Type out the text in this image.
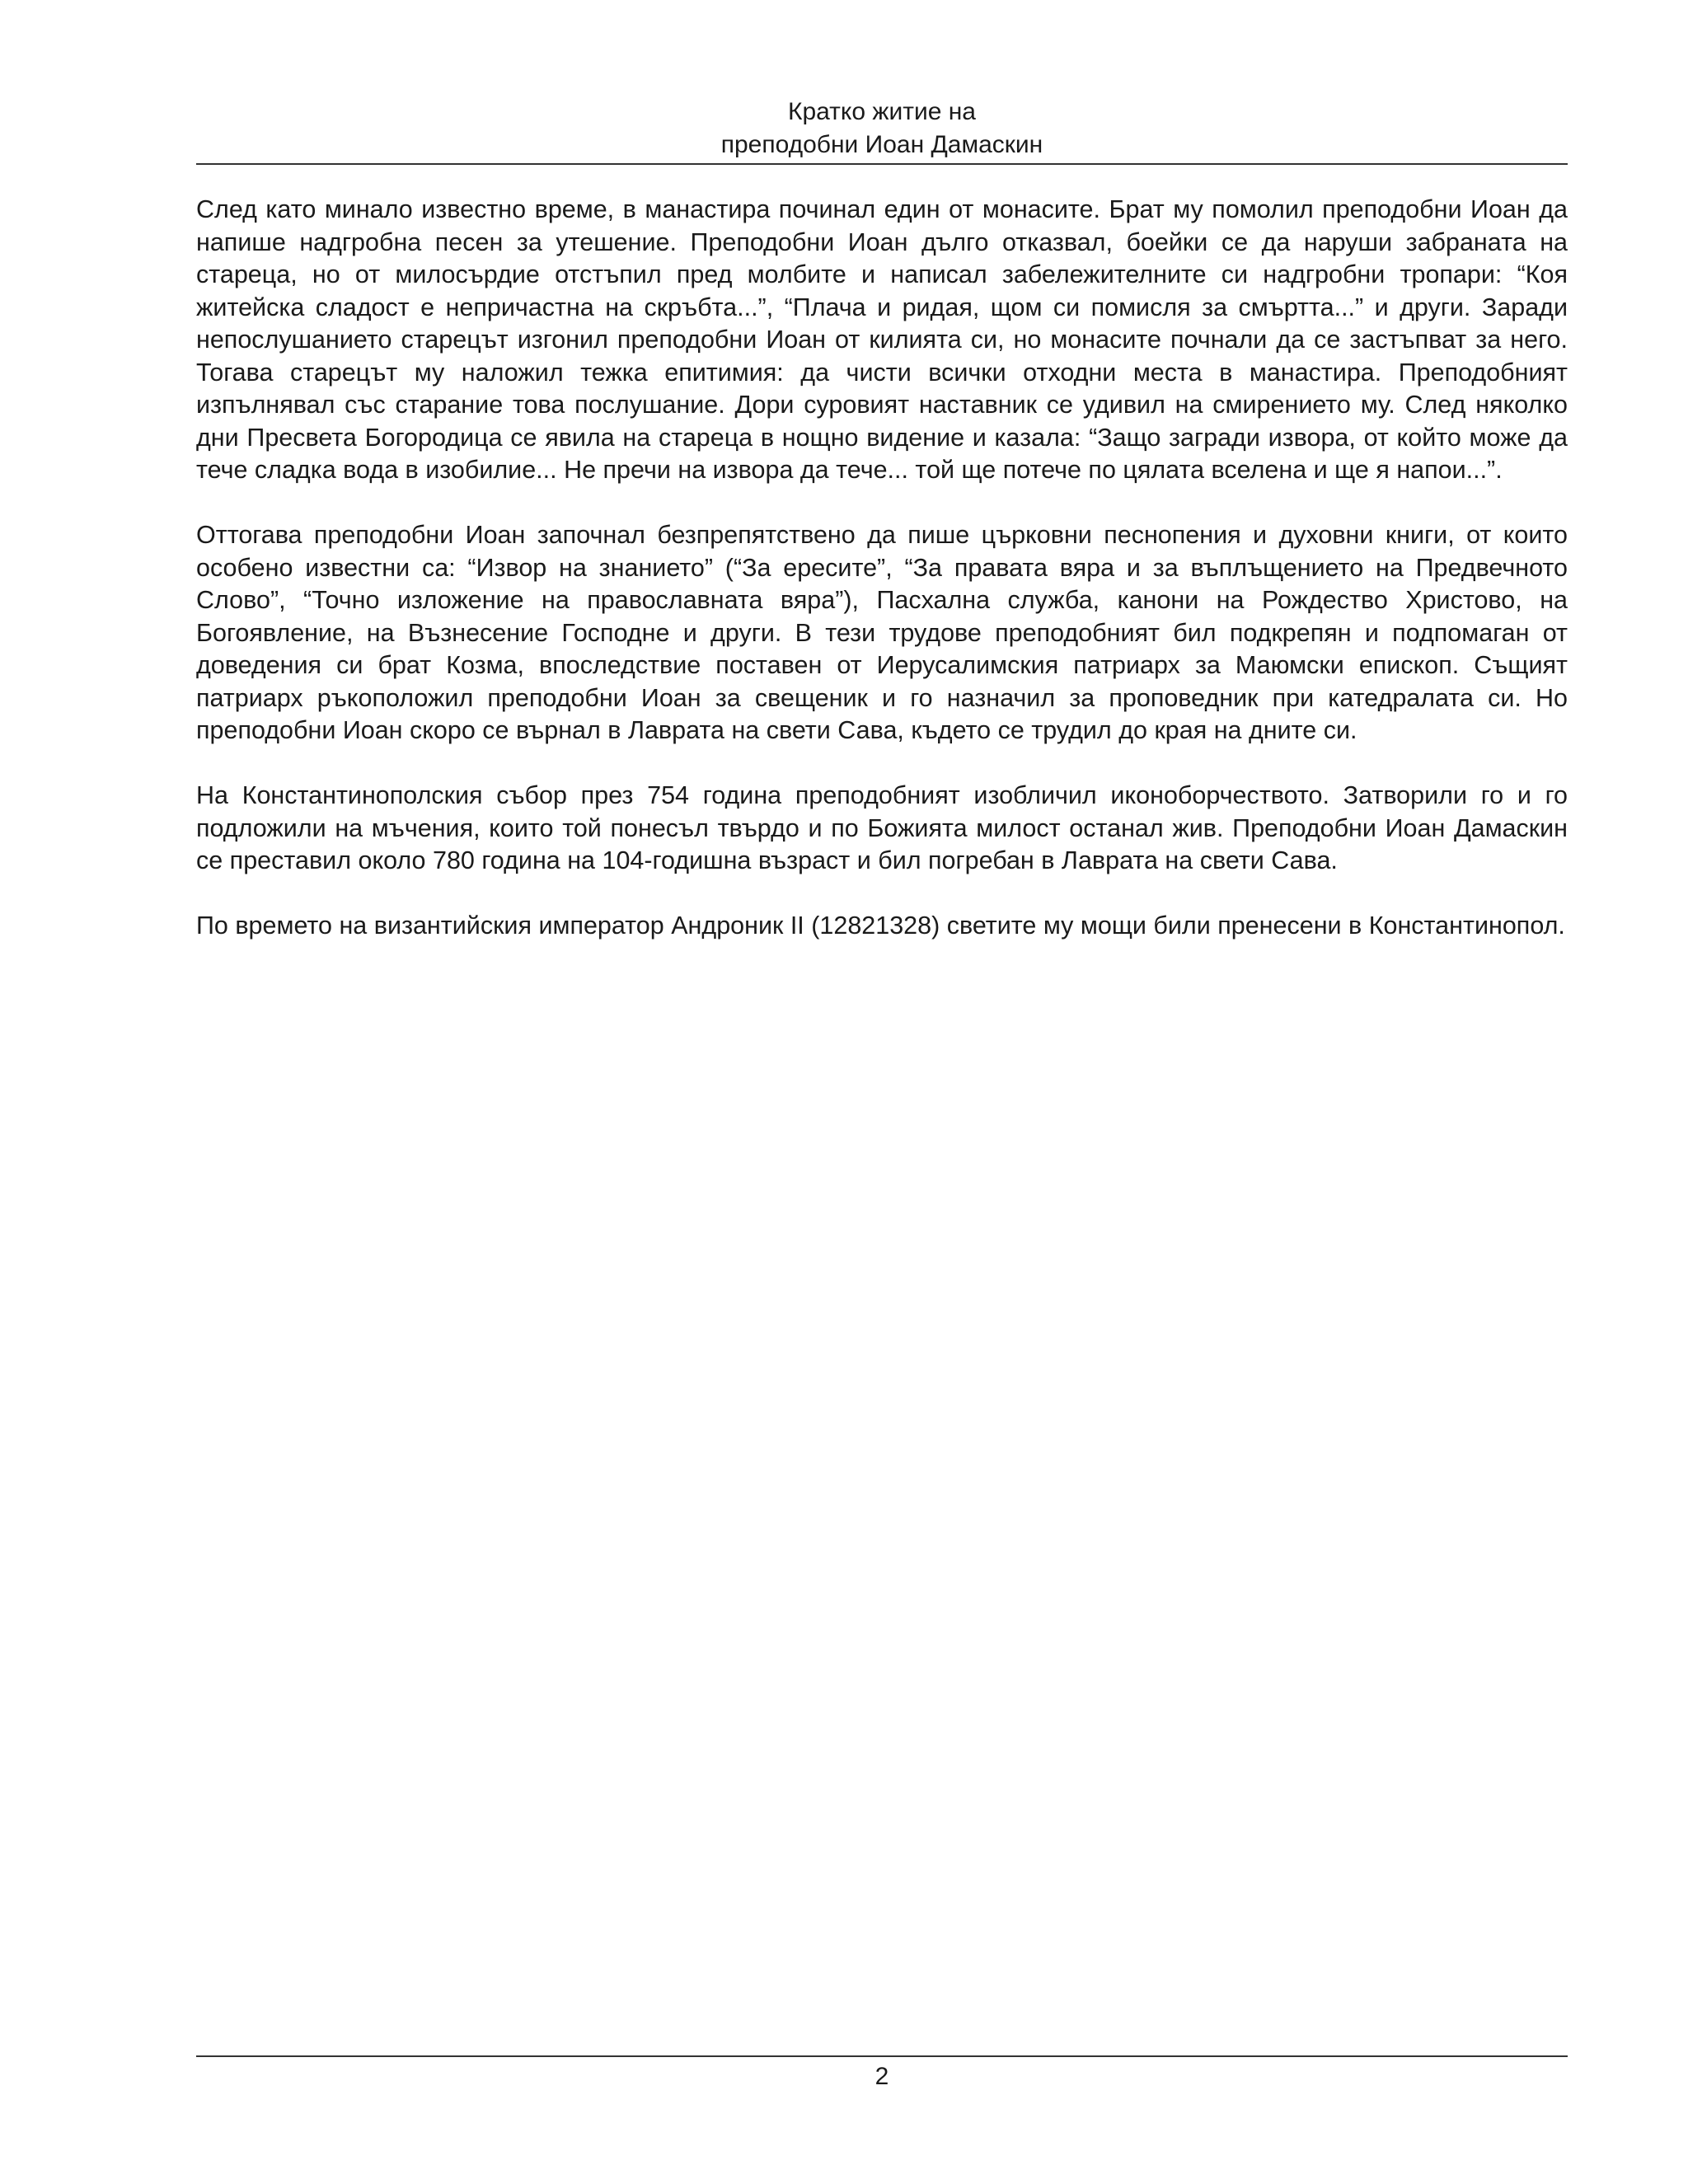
Кратко житие на
преподобни Иоан Дамаскин

След като минало известно време, в манастира починал един от монасите. Брат му помолил преподобни Иоан да напише надгробна песен за утешение. Преподобни Иоан дълго отказвал, боейки се да наруши забраната на стареца, но от милосърдие отстъпил пред молбите и написал забележителните си надгробни тропари: “Коя житейска сладост е непричастна на скръбта...”, “Плача и ридая, щом си помисля за смъртта...” и други. Заради непослушанието старецът изгонил преподобни Иоан от килията си, но монасите почнали да се застъпват за него. Тогава старецът му наложил тежка епитимия: да чисти всички отходни места в манастира. Преподобният изпълнявал със старание това послушание. Дори суровият наставник се удивил на смирението му. След няколко дни Пресвета Богородица се явила на стареца в нощно видение и казала: “Защо загради извора, от който може да тече сладка вода в изобилие... Не пречи на извора да тече... той ще потече по цялата вселена и ще я напои...”.

Оттогава преподобни Иоан започнал безпрепятствено да пише църковни песнопения и духовни книги, от които особено известни са: “Извор на знанието” (“За ересите”, “За правата вяра и за въплъщението на Предвечното Слово”, “Точно изложение на православната вяра”), Пасхална служба, канони на Рождество Христово, на Богоявление, на Възнесение Господне и други. В тези трудове преподобният бил подкрепян и подпомаган от доведения си брат Козма, впоследствие поставен от Иерусалимския патриарх за Маюмски епископ. Същият патриарх ръкоположил преподобни Иоан за свещеник и го назначил за проповедник при катедралата си. Но преподобни Иоан скоро се върнал в Лаврата на свети Сава, където се трудил до края на дните си.

На Константинополския събор през 754 година преподобният изобличил иконоборчеството. Затворили го и го подложили на мъчения, които той понесъл твърдо и по Божията милост останал жив. Преподобни Иоан Дамаскин се преставил около 780 година на 104-годишна възраст и бил погребан в Лаврата на свети Сава.

По времето на византийския император Андроник II (12821328) светите му мощи били пренесени в Константинопол.

2
